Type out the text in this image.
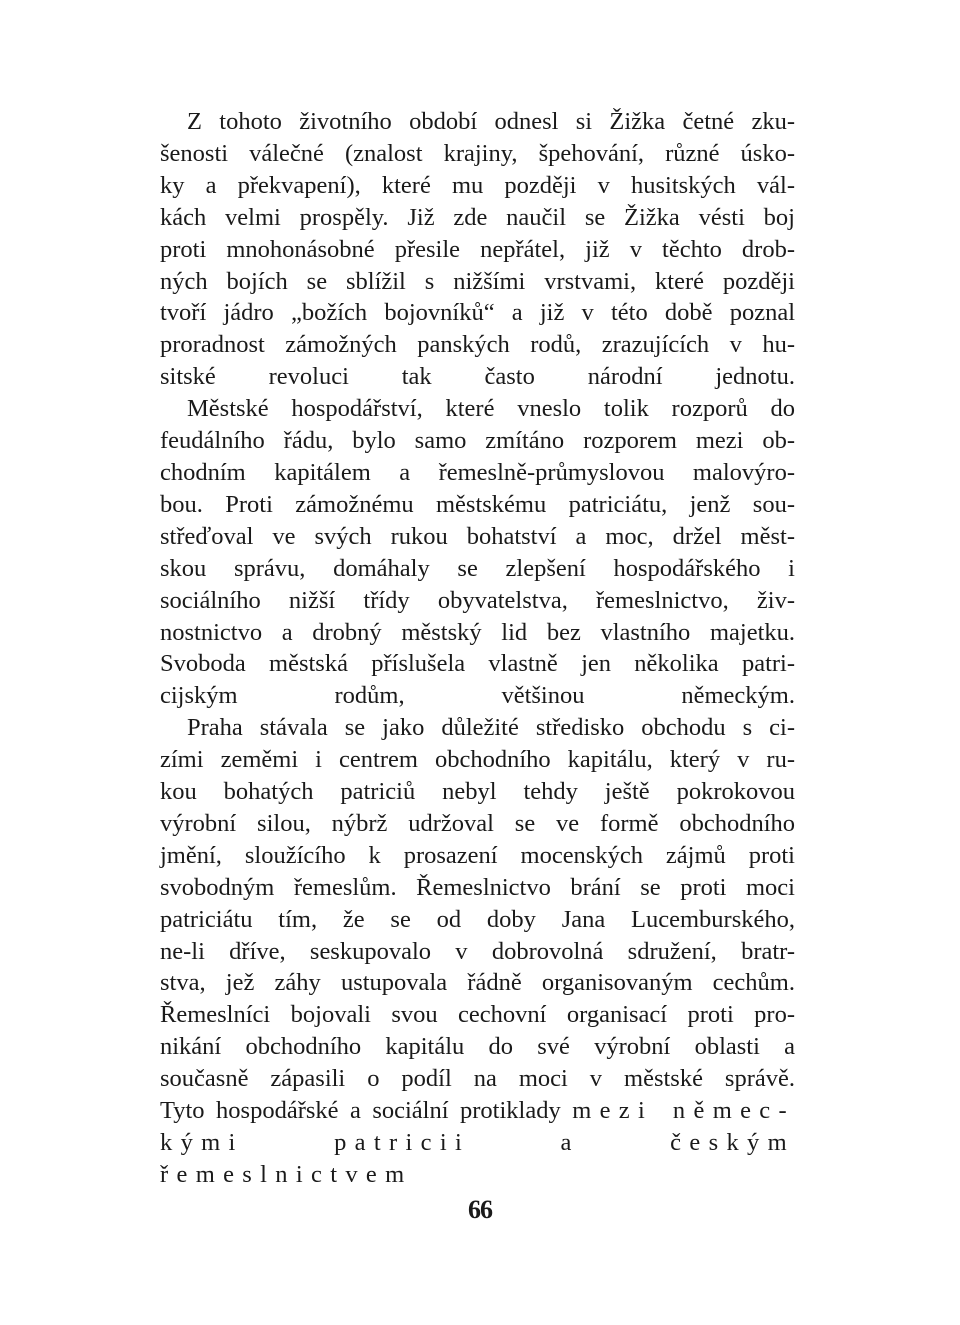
Z tohoto životního období odnesl si Žižka četné zku-
šenosti válečné (znalost krajiny, špehování, různé úsko-
ky a překvapení), které mu později v husitských vál-
kách velmi prospěly. Již zde naučil se Žižka vésti boj
proti mnohonásobné přesile nepřátel, již v těchto drob-
ných bojích se sblížil s nižšími vrstvami, které později
tvoří jádro „božích bojovníků“ a již v této době poznal
proradnost zámožných panských rodů, zrazujících v hu-
sitské revoluci tak často národní jednotu.

Městské hospodářství, které vneslo tolik rozporů do
feudálního řádu, bylo samo zmítáno rozporem mezi ob-
chodním kapitálem a řemeslně-průmyslovou malovýro-
bou. Proti zámožnému městskému patriciátu, jenž sou-
střeďoval ve svých rukou bohatství a moc, držel měst-
skou správu, domáhaly se zlepšení hospodářského i
sociálního nižší třídy obyvatelstva, řemeslnictvo, živ-
nostnictvo a drobný městský lid bez vlastního majetku.
Svoboda městská příslušela vlastně jen několika patri-
cijským rodům, většinou německým.

Praha stávala se jako důležité středisko obchodu s ci-
zími zeměmi i centrem obchodního kapitálu, který v ru-
kou bohatých patriciů nebyl tehdy ještě pokrokovou
výrobní silou, nýbrž udržoval se ve formě obchodního
jmění, sloužícího k prosazení mocenských zájmů proti
svobodným řemeslům. Řemeslnictvo brání se proti moci
patriciátu tím, že se od doby Jana Lucemburského,
ne-li dříve, seskupovalo v dobrovolná sdružení, bratr-
stva, jež záhy ustupovala řádně organisovaným cechům.
Řemeslníci bojovali svou cechovní organisací proti pro-
nikání obchodního kapitálu do své výrobní oblasti a
současně zápasili o podíl na moci v městské správě.

Tyto hospodářské a sociální protiklady mezi němec-
kými patricii a českým řemeslnictvem

66
